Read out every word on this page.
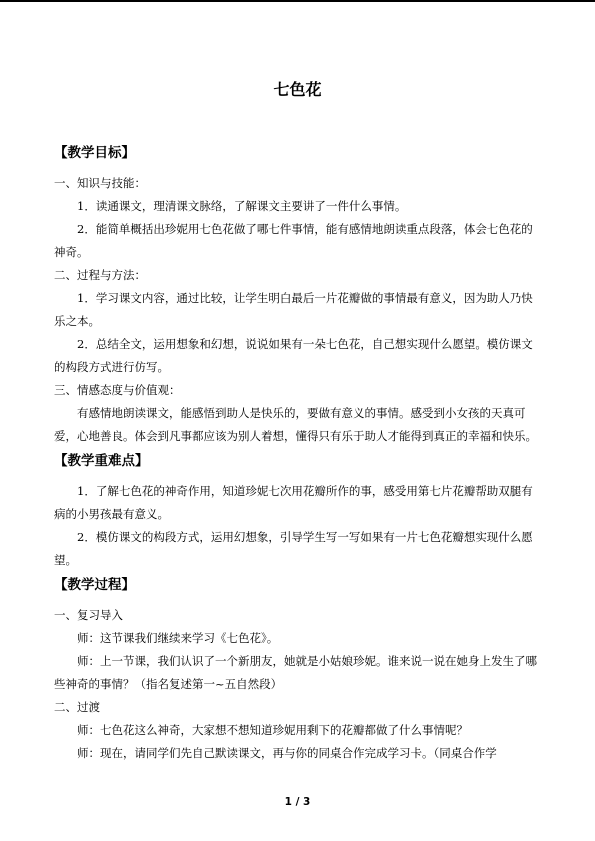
七色花
【教学目标】
一、知识与技能：
1．读通课文，理清课文脉络，了解课文主要讲了一件什么事情。
2．能简单概括出珍妮用七色花做了哪七件事情，能有感情地朗读重点段落，体会七色花的神奇。
二、过程与方法：
1．学习课文内容，通过比较，让学生明白最后一片花瓣做的事情最有意义，因为助人乃快乐之本。
2．总结全文，运用想象和幻想，说说如果有一朵七色花，自己想实现什么愿望。模仿课文的构段方式进行仿写。
三、情感态度与价值观：
有感情地朗读课文，能感悟到助人是快乐的，要做有意义的事情。感受到小女孩的天真可爱，心地善良。体会到凡事都应该为别人着想，懂得只有乐于助人才能得到真正的幸福和快乐。
【教学重难点】
1．了解七色花的神奇作用，知道珍妮七次用花瓣所作的事，感受用第七片花瓣帮助双腿有病的小男孩最有意义。
2．模仿课文的构段方式，运用幻想象，引导学生写一写如果有一片七色花瓣想实现什么愿望。
【教学过程】
一、复习导入
师：这节课我们继续来学习《七色花》。
师：上一节课，我们认识了一个新朋友，她就是小姑娘珍妮。谁来说一说在她身上发生了哪些神奇的事情？（指名复述第一~五自然段）
二、过渡
师：七色花这么神奇，大家想不想知道珍妮用剩下的花瓣都做了什么事情呢？
师：现在，请同学们先自己默读课文，再与你的同桌合作完成学习卡。（同桌合作学
1 / 3
